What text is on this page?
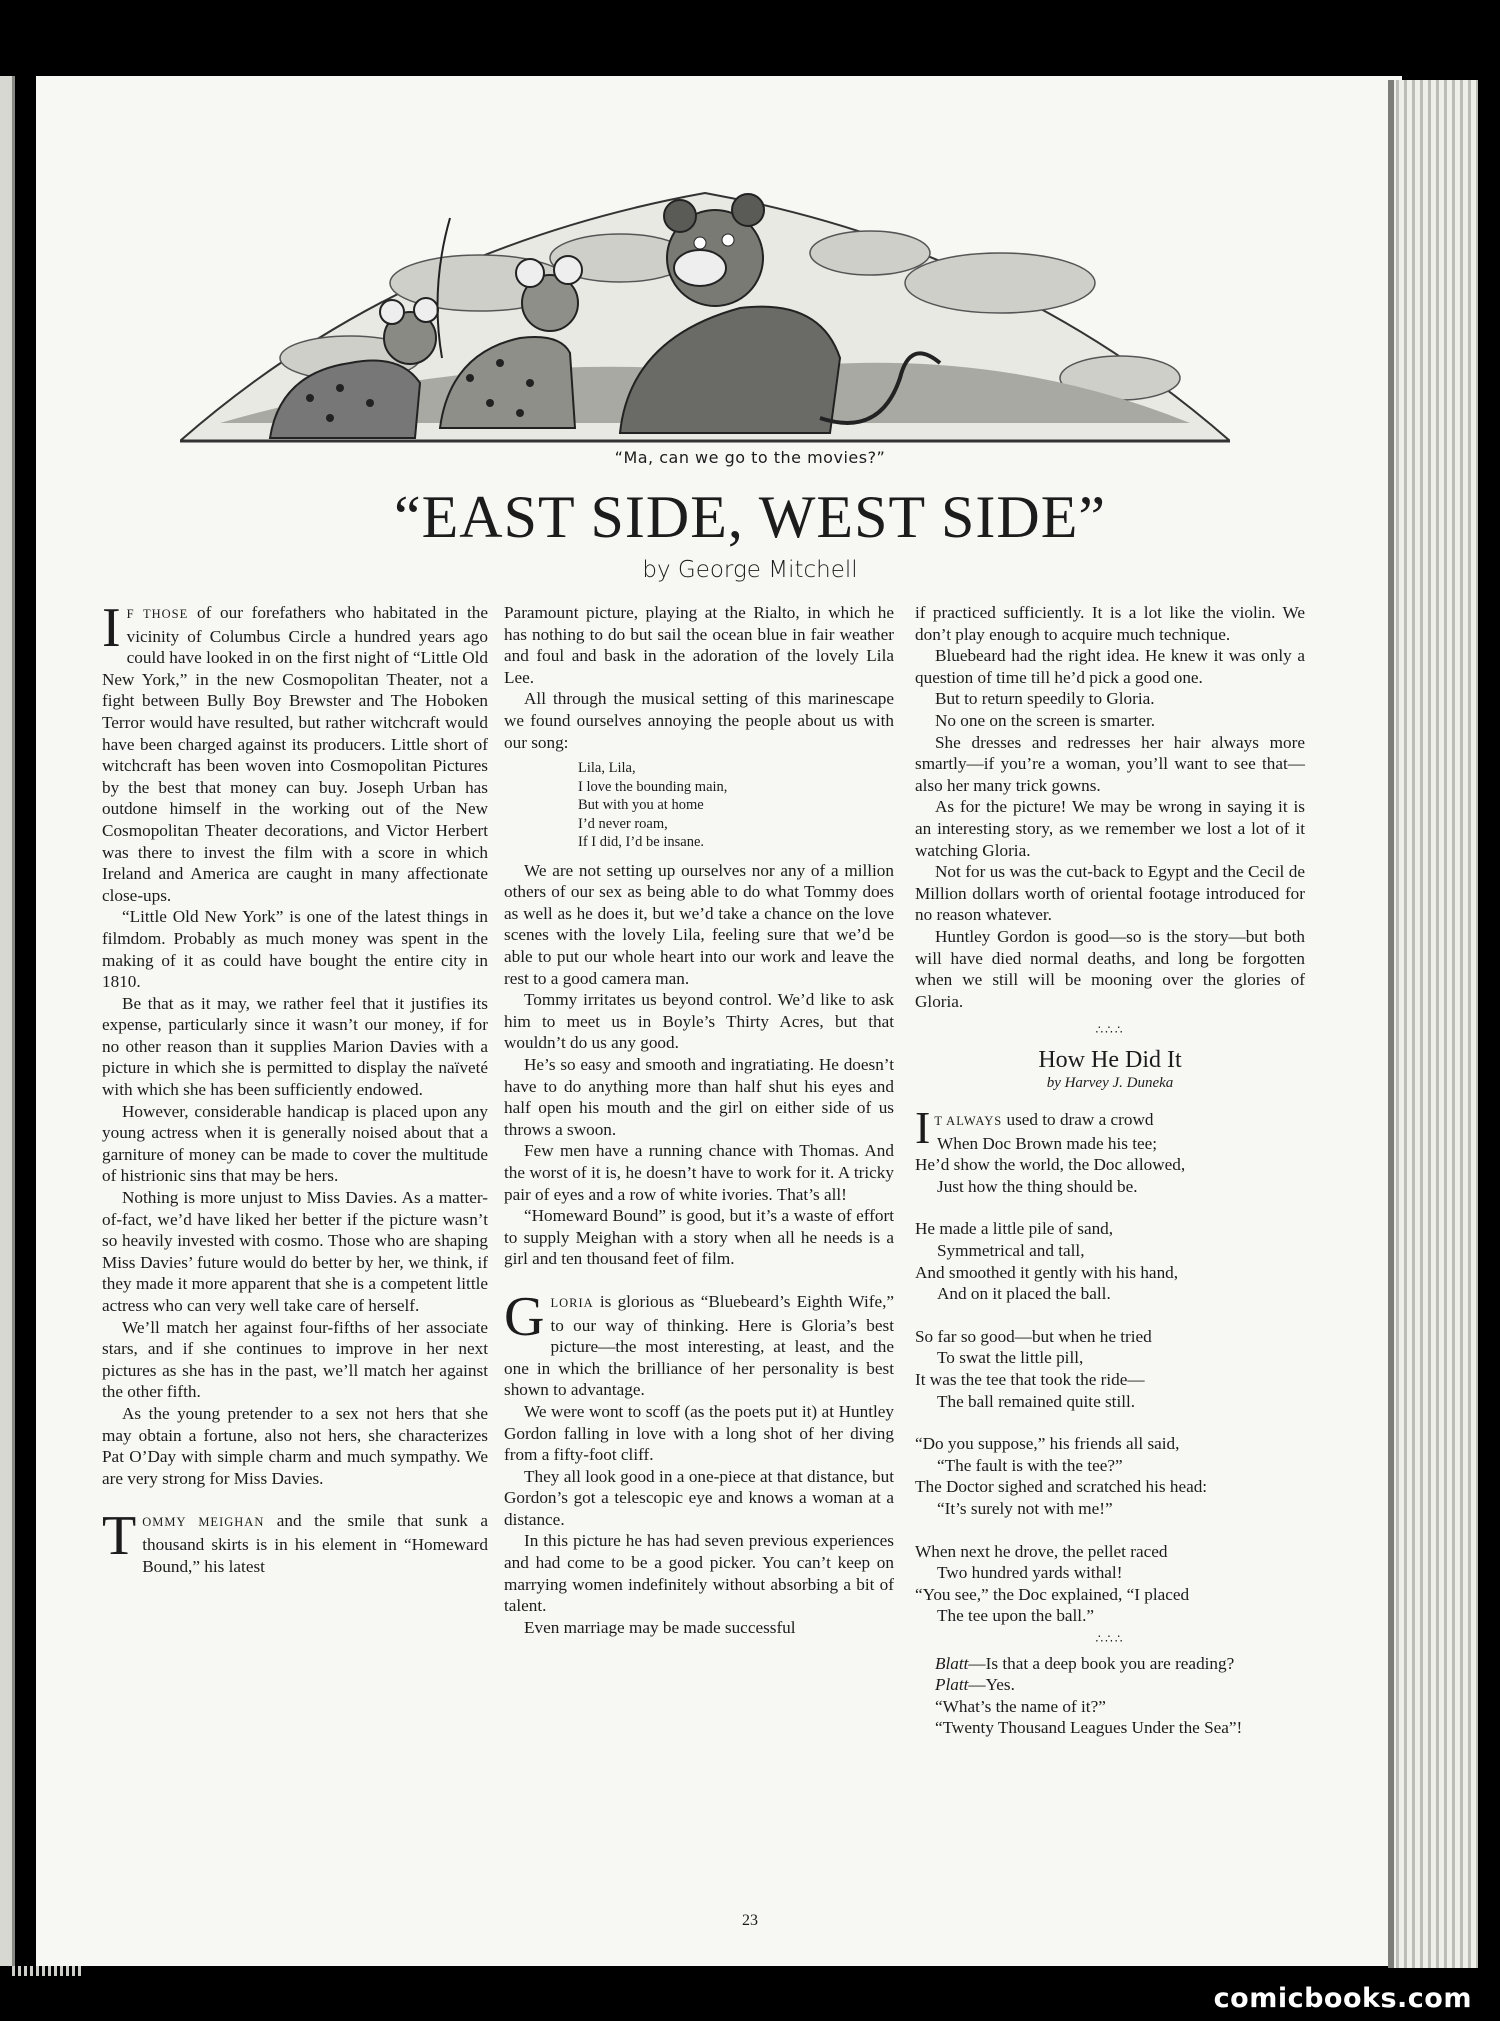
“Ma, can we go to the movies?”
“EAST SIDE, WEST SIDE”
by George Mitchell

I F THOSE of our forefathers who habitated in the vicinity of Columbus Circle a hundred years ago could have looked in on the first night of “Little Old New York,” in the new Cosmopolitan Theater, not a fight between Bully Boy Brewster and The Hoboken Terror would have resulted, but rather witchcraft would have been charged against its producers. Little short of witchcraft has been woven into Cosmopolitan Pictures by the best that money can buy. Joseph Urban has outdone himself in the working out of the New Cosmopolitan Theater decorations, and Victor Herbert was there to invest the film with a score in which Ireland and America are caught in many affectionate close-ups.

“Little Old New York” is one of the latest things in filmdom. Probably as much money was spent in the making of it as could have bought the entire city in 1810.

Be that as it may, we rather feel that it justifies its expense, particularly since it wasn’t our money, if for no other reason than it supplies Marion Davies with a picture in which she is permitted to display the naïveté with which she has been sufficiently endowed.

However, considerable handicap is placed upon any young actress when it is generally noised about that a garniture of money can be made to cover the multitude of histrionic sins that may be hers.

Nothing is more unjust to Miss Davies. As a matter-of-fact, we’d have liked her better if the picture wasn’t so heavily invested with cosmo. Those who are shaping Miss Davies’ future would do better by her, we think, if they made it more apparent that she is a competent little actress who can very well take care of herself.

We’ll match her against four-fifths of her associate stars, and if she continues to improve in her next pictures as she has in the past, we’ll match her against the other fifth.

As the young pretender to a sex not hers that she may obtain a fortune, also not hers, she characterizes Pat O’Day with simple charm and much sympathy. We are very strong for Miss Davies.

TOMMY MEIGHAN and the smile that sunk a thousand skirts is in his element in “Homeward Bound,” his latest

Paramount picture, playing at the Rialto, in which he has nothing to do but sail the ocean blue in fair weather and foul and bask in the adoration of the lovely Lila Lee.

All through the musical setting of this marinescape we found ourselves annoying the people about us with our song:

Lila, Lila,
I love the bounding main,
But with you at home
I’d never roam,
If I did, I’d be insane.

We are not setting up ourselves nor any of a million others of our sex as being able to do what Tommy does as well as he does it, but we’d take a chance on the love scenes with the lovely Lila, feeling sure that we’d be able to put our whole heart into our work and leave the rest to a good camera man.

Tommy irritates us beyond control. We’d like to ask him to meet us in Boyle’s Thirty Acres, but that wouldn’t do us any good.

He’s so easy and smooth and ingratiating. He doesn’t have to do anything more than half shut his eyes and half open his mouth and the girl on either side of us throws a swoon.

Few men have a running chance with Thomas. And the worst of it is, he doesn’t have to work for it. A tricky pair of eyes and a row of white ivories. That’s all!

“Homeward Bound” is good, but it’s a waste of effort to supply Meighan with a story when all he needs is a girl and ten thousand feet of film.

GLORIA is glorious as “Bluebeard’s Eighth Wife,” to our way of thinking. Here is Gloria’s best picture—the most interesting, at least, and the one in which the brilliance of her personality is best shown to advantage.

We were wont to scoff (as the poets put it) at Huntley Gordon falling in love with a long shot of her diving from a fifty-foot cliff.

They all look good in a one-piece at that distance, but Gordon’s got a telescopic eye and knows a woman at a distance.

In this picture he has had seven previous experiences and had come to be a good picker. You can’t keep on marrying women indefinitely without absorbing a bit of talent.

Even marriage may be made successful

if practiced sufficiently. It is a lot like the violin. We don’t play enough to acquire much technique.

Bluebeard had the right idea. He knew it was only a question of time till he’d pick a good one.

But to return speedily to Gloria.

No one on the screen is smarter.

She dresses and redresses her hair always more smartly—if you’re a woman, you’ll want to see that—also her many trick gowns.

As for the picture! We may be wrong in saying it is an interesting story, as we remember we lost a lot of it watching Gloria.

Not for us was the cut-back to Egypt and the Cecil de Million dollars worth of oriental footage introduced for no reason whatever.

Huntley Gordon is good—so is the story—but both will have died normal deaths, and long be forgotten when we still will be mooning over the glories of Gloria.

∴∴∴
How He Did It
by Harvey J. Duneka
I T ALWAYS used to draw a crowd
When Doc Brown made his tee;
He’d show the world, the Doc allowed,
Just how the thing should be.
He made a little pile of sand,
Symmetrical and tall,
And smoothed it gently with his hand,
And on it placed the ball.
So far so good—but when he tried
To swat the little pill,
It was the tee that took the ride—
The ball remained quite still.
“Do you suppose,” his friends all said,
“The fault is with the tee?”
The Doctor sighed and scratched his head:
“It’s surely not with me!”
When next he drove, the pellet raced
Two hundred yards withal!
“You see,” the Doc explained, “I placed
The tee upon the ball.”
∴∴∴

Blatt—Is that a deep book you are reading?

Platt—Yes.

“What’s the name of it?”

“Twenty Thousand Leagues Under the Sea”!

23
comicbooks.com
